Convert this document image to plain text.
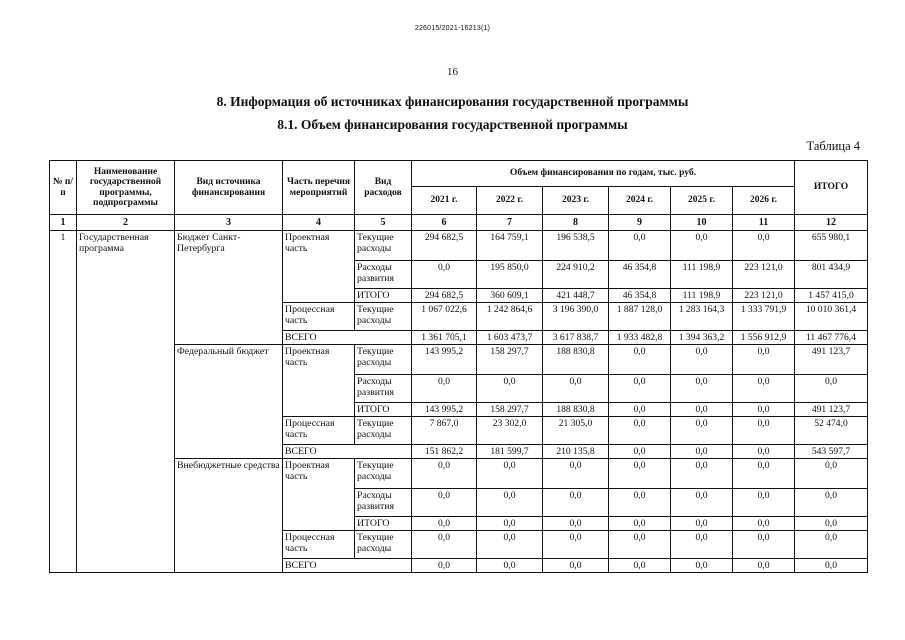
226015/2021-16213(1)
16
8. Информация об источниках финансирования государственной программы
8.1. Объем финансирования государственной программы
Таблица 4
№ п/п	Наименование государственной программы, подпрограммы	Вид источника финансирования	Часть перечня мероприятий	Вид расходов	Объем финансирования по годам, тыс. руб.						ИТОГО
					2021 г.	2022 г.	2023 г.	2024 г.	2025 г.	2026 г.	
1	2	3	4	5	6	7	8	9	10	11	12
1	Государственная программа	Бюджет Санкт-Петербурга	Проектная часть	Текущие расходы	294 682,5	164 759,1	196 538,5	0,0	0,0	0,0	655 980,1
				Расходы развития	0,0	195 850,0	224 910,2	46 354,8	111 198,9	223 121,0	801 434,9
				ИТОГО	294 682,5	360 609,1	421 448,7	46 354,8	111 198,9	223 121,0	1 457 415,0
			Процессная часть	Текущие расходы	1 067 022,6	1 242 864,6	3 196 390,0	1 887 128,0	1 283 164,3	1 333 791,9	10 010 361,4
			ВСЕГО		1 361 705,1	1 603 473,7	3 617 838,7	1 933 482,8	1 394 363,2	1 556 912,9	11 467 776,4
		Федеральный бюджет	Проектная часть	Текущие расходы	143 995,2	158 297,7	188 830,8	0,0	0,0	0,0	491 123,7
				Расходы развития	0,0	0,0	0,0	0,0	0,0	0,0	0,0
				ИТОГО	143 995,2	158 297,7	188 830,8	0,0	0,0	0,0	491 123,7
			Процессная часть	Текущие расходы	7 867,0	23 302,0	21 305,0	0,0	0,0	0,0	52 474,0
			ВСЕГО		151 862,2	181 599,7	210 135,8	0,0	0,0	0,0	543 597,7
		Внебюджетные средства	Проектная часть	Текущие расходы	0,0	0,0	0,0	0,0	0,0	0,0	0,0
				Расходы развития	0,0	0,0	0,0	0,0	0,0	0,0	0,0
				ИТОГО	0,0	0,0	0,0	0,0	0,0	0,0	0,0
			Процессная часть	Текущие расходы	0,0	0,0	0,0	0,0	0,0	0,0	0,0
			ВСЕГО		0,0	0,0	0,0	0,0	0,0	0,0	0,0
